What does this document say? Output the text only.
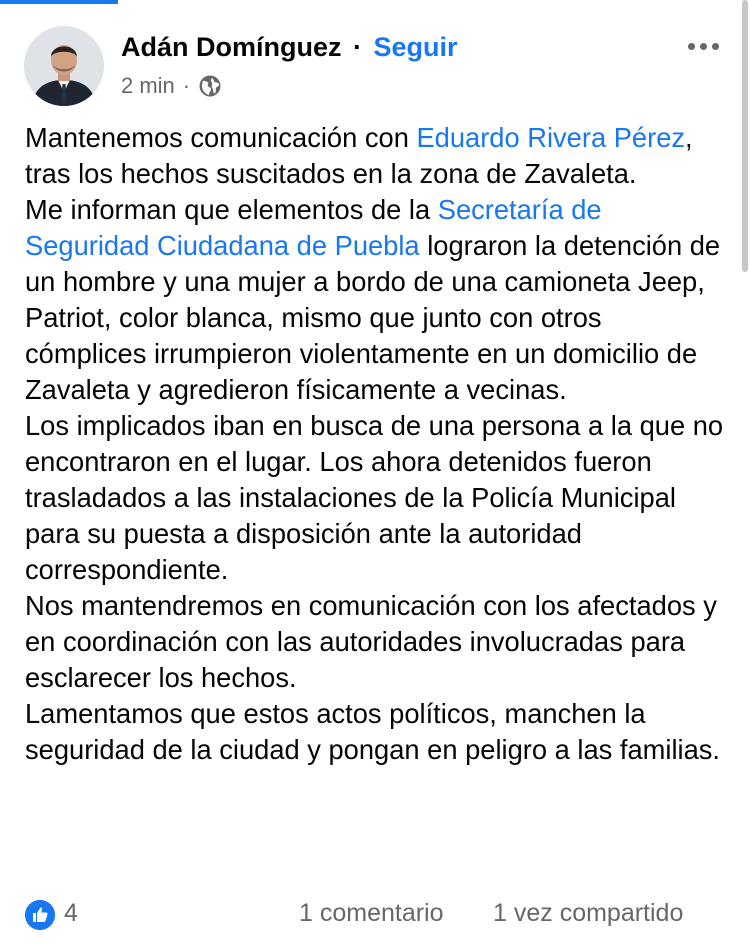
Adán Domínguez · Seguir
2 min ·
Mantenemos comunicación con Eduardo Rivera Pérez, tras los hechos suscitados en la zona de Zavaleta.
Me informan que elementos de la Secretaría de Seguridad Ciudadana de Puebla lograron la detención de un hombre y una mujer a bordo de una camioneta Jeep, Patriot, color blanca, mismo que junto con otros cómplices irrumpieron violentamente en un domicilio de Zavaleta y agredieron físicamente a vecinas.
Los implicados iban en busca de una persona a la que no encontraron en el lugar. Los ahora detenidos fueron trasladados a las instalaciones de la Policía Municipal para su puesta a disposición ante la autoridad correspondiente.
Nos mantendremos en comunicación con los afectados y en coordinación con las autoridades involucradas para esclarecer los hechos.
Lamentamos que estos actos políticos, manchen la seguridad de la ciudad y pongan en peligro a las familias.
4	1 comentario 1 vez compartido
